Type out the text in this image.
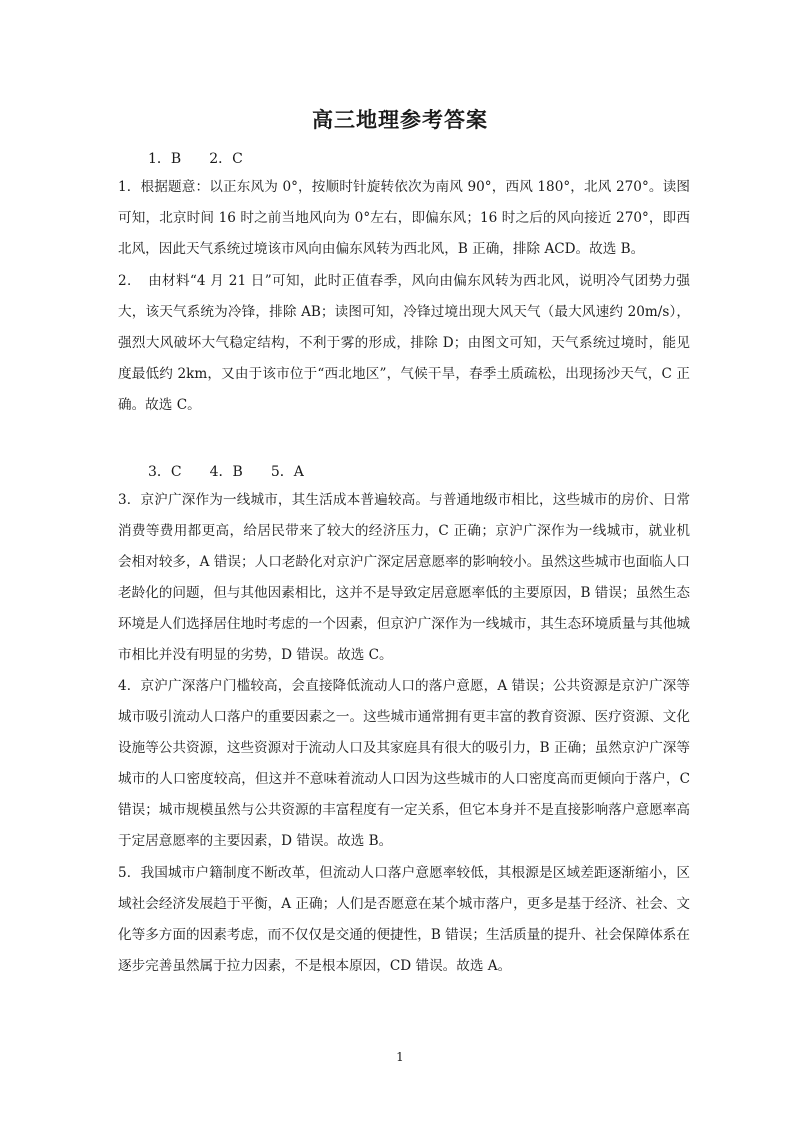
高三地理参考答案
1．B 2．C

1．根据题意：以正东风为 0°，按顺时针旋转依次为南风 90°，西风 180°，北风 270°。读图可知，北京时间 16 时之前当地风向为 0°左右，即偏东风；16 时之后的风向接近 270°，即西北风，因此天气系统过境该市风向由偏东风转为西北风，B 正确，排除 ACD。故选 B。

2．　由材料“4 月 21 日”可知，此时正值春季，风向由偏东风转为西北风，说明冷气团势力强大，该天气系统为冷锋，排除 AB；读图可知，冷锋过境出现大风天气（最大风速约 20m/s），强烈大风破坏大气稳定结构，不利于雾的形成，排除 D；由图文可知，天气系统过境时，能见度最低约 2km，又由于该市位于“西北地区”，气候干旱，春季土质疏松，出现扬沙天气，C 正确。故选 C。

3．C 4．B 5．A

3．京沪广深作为一线城市，其生活成本普遍较高。与普通地级市相比，这些城市的房价、日常消费等费用都更高，给居民带来了较大的经济压力，C 正确；京沪广深作为一线城市，就业机会相对较多，A 错误；人口老龄化对京沪广深定居意愿率的影响较小。虽然这些城市也面临人口老龄化的问题，但与其他因素相比，这并不是导致定居意愿率低的主要原因，B 错误；虽然生态环境是人们选择居住地时考虑的一个因素，但京沪广深作为一线城市，其生态环境质量与其他城市相比并没有明显的劣势，D 错误。故选 C。

4．京沪广深落户门槛较高，会直接降低流动人口的落户意愿，A 错误；公共资源是京沪广深等城市吸引流动人口落户的重要因素之一。这些城市通常拥有更丰富的教育资源、医疗资源、文化设施等公共资源，这些资源对于流动人口及其家庭具有很大的吸引力，B 正确；虽然京沪广深等城市的人口密度较高，但这并不意味着流动人口因为这些城市的人口密度高而更倾向于落户，C 错误；城市规模虽然与公共资源的丰富程度有一定关系，但它本身并不是直接影响落户意愿率高于定居意愿率的主要因素，D 错误。故选 B。

5．我国城市户籍制度不断改革，但流动人口落户意愿率较低，其根源是区域差距逐渐缩小，区域社会经济发展趋于平衡，A 正确；人们是否愿意在某个城市落户，更多是基于经济、社会、文化等多方面的因素考虑，而不仅仅是交通的便捷性，B 错误；生活质量的提升、社会保障体系在逐步完善虽然属于拉力因素，不是根本原因，CD 错误。故选 A。

1
